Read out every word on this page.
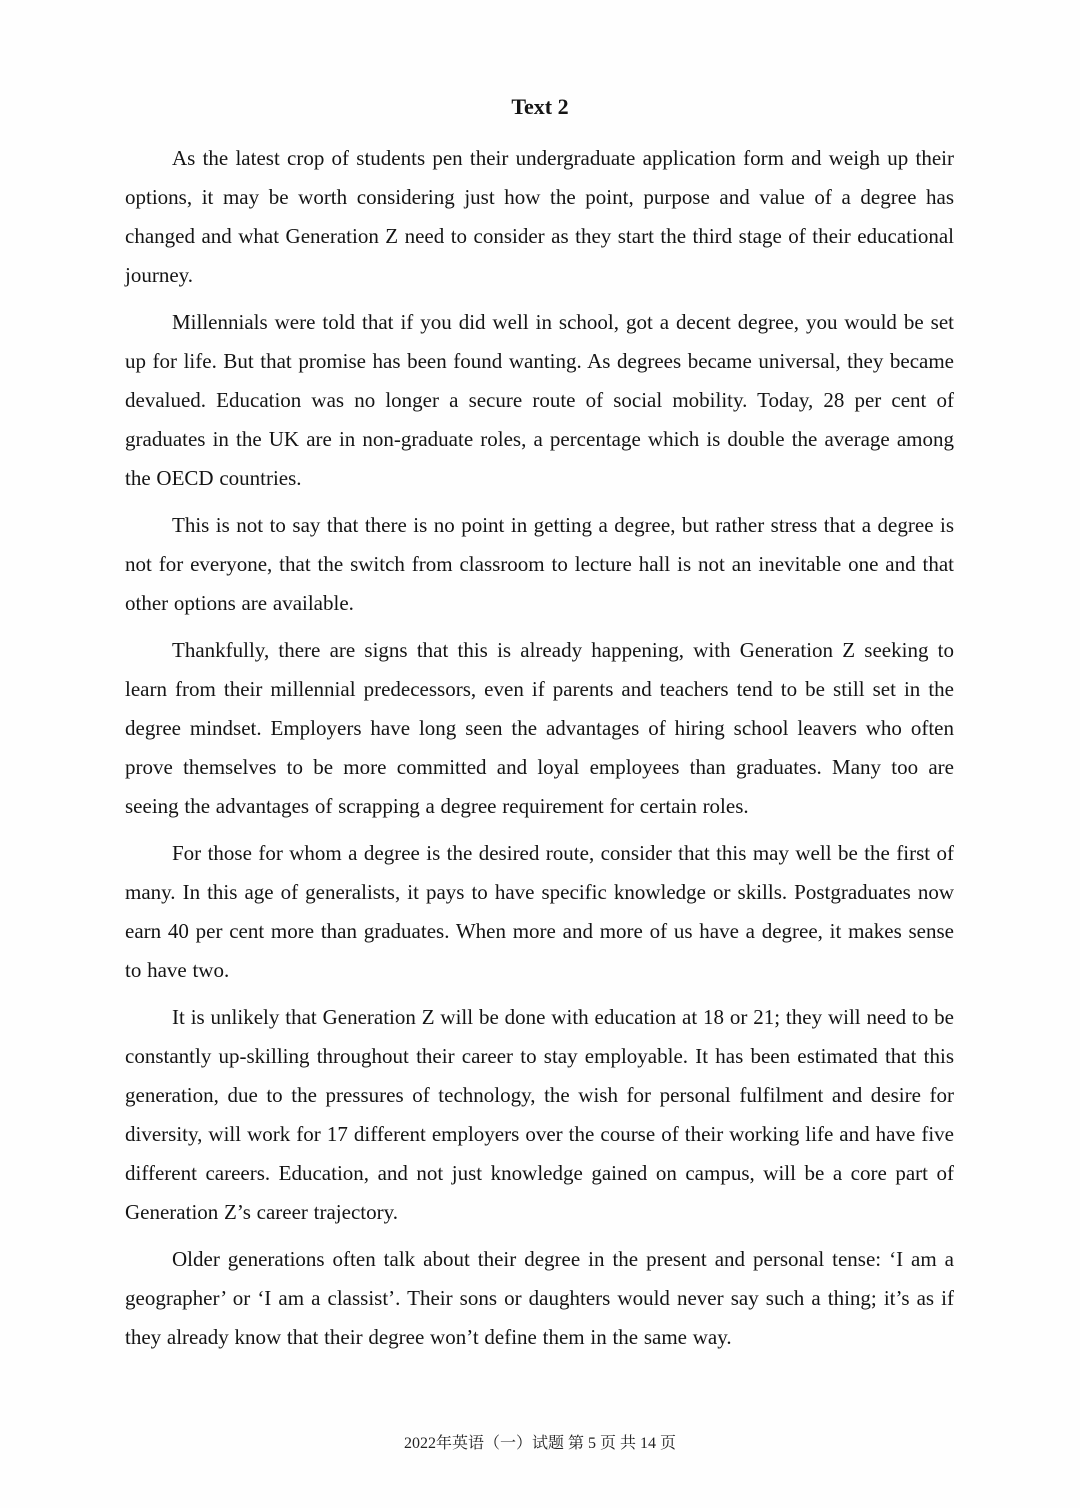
Text 2

As the latest crop of students pen their undergraduate application form and weigh up their options, it may be worth considering just how the point, purpose and value of a degree has changed and what Generation Z need to consider as they start the third stage of their educational journey.

Millennials were told that if you did well in school, got a decent degree, you would be set up for life. But that promise has been found wanting. As degrees became universal, they became devalued. Education was no longer a secure route of social mobility. Today, 28 per cent of graduates in the UK are in non-graduate roles, a percentage which is double the average among the OECD countries.

This is not to say that there is no point in getting a degree, but rather stress that a degree is not for everyone, that the switch from classroom to lecture hall is not an inevitable one and that other options are available.

Thankfully, there are signs that this is already happening, with Generation Z seeking to learn from their millennial predecessors, even if parents and teachers tend to be still set in the degree mindset. Employers have long seen the advantages of hiring school leavers who often prove themselves to be more committed and loyal employees than graduates. Many too are seeing the advantages of scrapping a degree requirement for certain roles.

For those for whom a degree is the desired route, consider that this may well be the first of many. In this age of generalists, it pays to have specific knowledge or skills. Postgraduates now earn 40 per cent more than graduates. When more and more of us have a degree, it makes sense to have two.

It is unlikely that Generation Z will be done with education at 18 or 21; they will need to be constantly up-skilling throughout their career to stay employable. It has been estimated that this generation, due to the pressures of technology, the wish for personal fulfilment and desire for diversity, will work for 17 different employers over the course of their working life and have five different careers. Education, and not just knowledge gained on campus, will be a core part of Generation Z’s career trajectory.

Older generations often talk about their degree in the present and personal tense: ‘I am a geographer’ or ‘I am a classist’. Their sons or daughters would never say such a thing; it’s as if they already know that their degree won’t define them in the same way.

2022年英语（一）试题 第 5 页 共 14 页
